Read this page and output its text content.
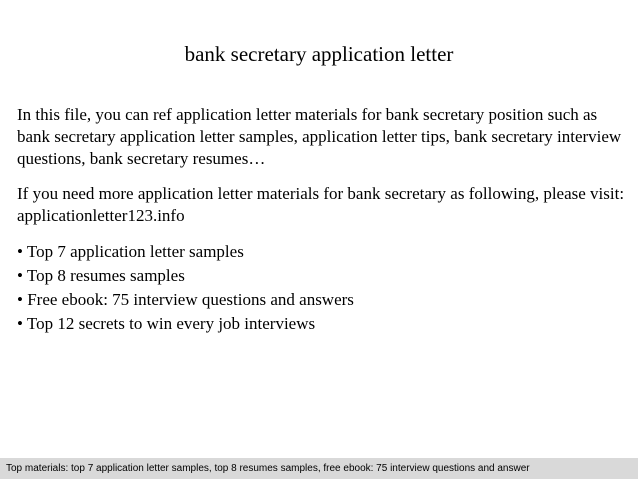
bank secretary application letter

In this file, you can ref application letter materials for bank secretary position such as bank secretary application letter samples, application letter tips, bank secretary interview questions, bank secretary resumes…

If you need more application letter materials for bank secretary as following, please visit: applicationletter123.info

• Top 7 application letter samples
• Top 8 resumes samples
• Free ebook: 75 interview questions and answers
• Top 12 secrets to win every job interviews
Top materials: top 7 application letter samples, top 8 resumes samples, free ebook: 75 interview questions and answer
